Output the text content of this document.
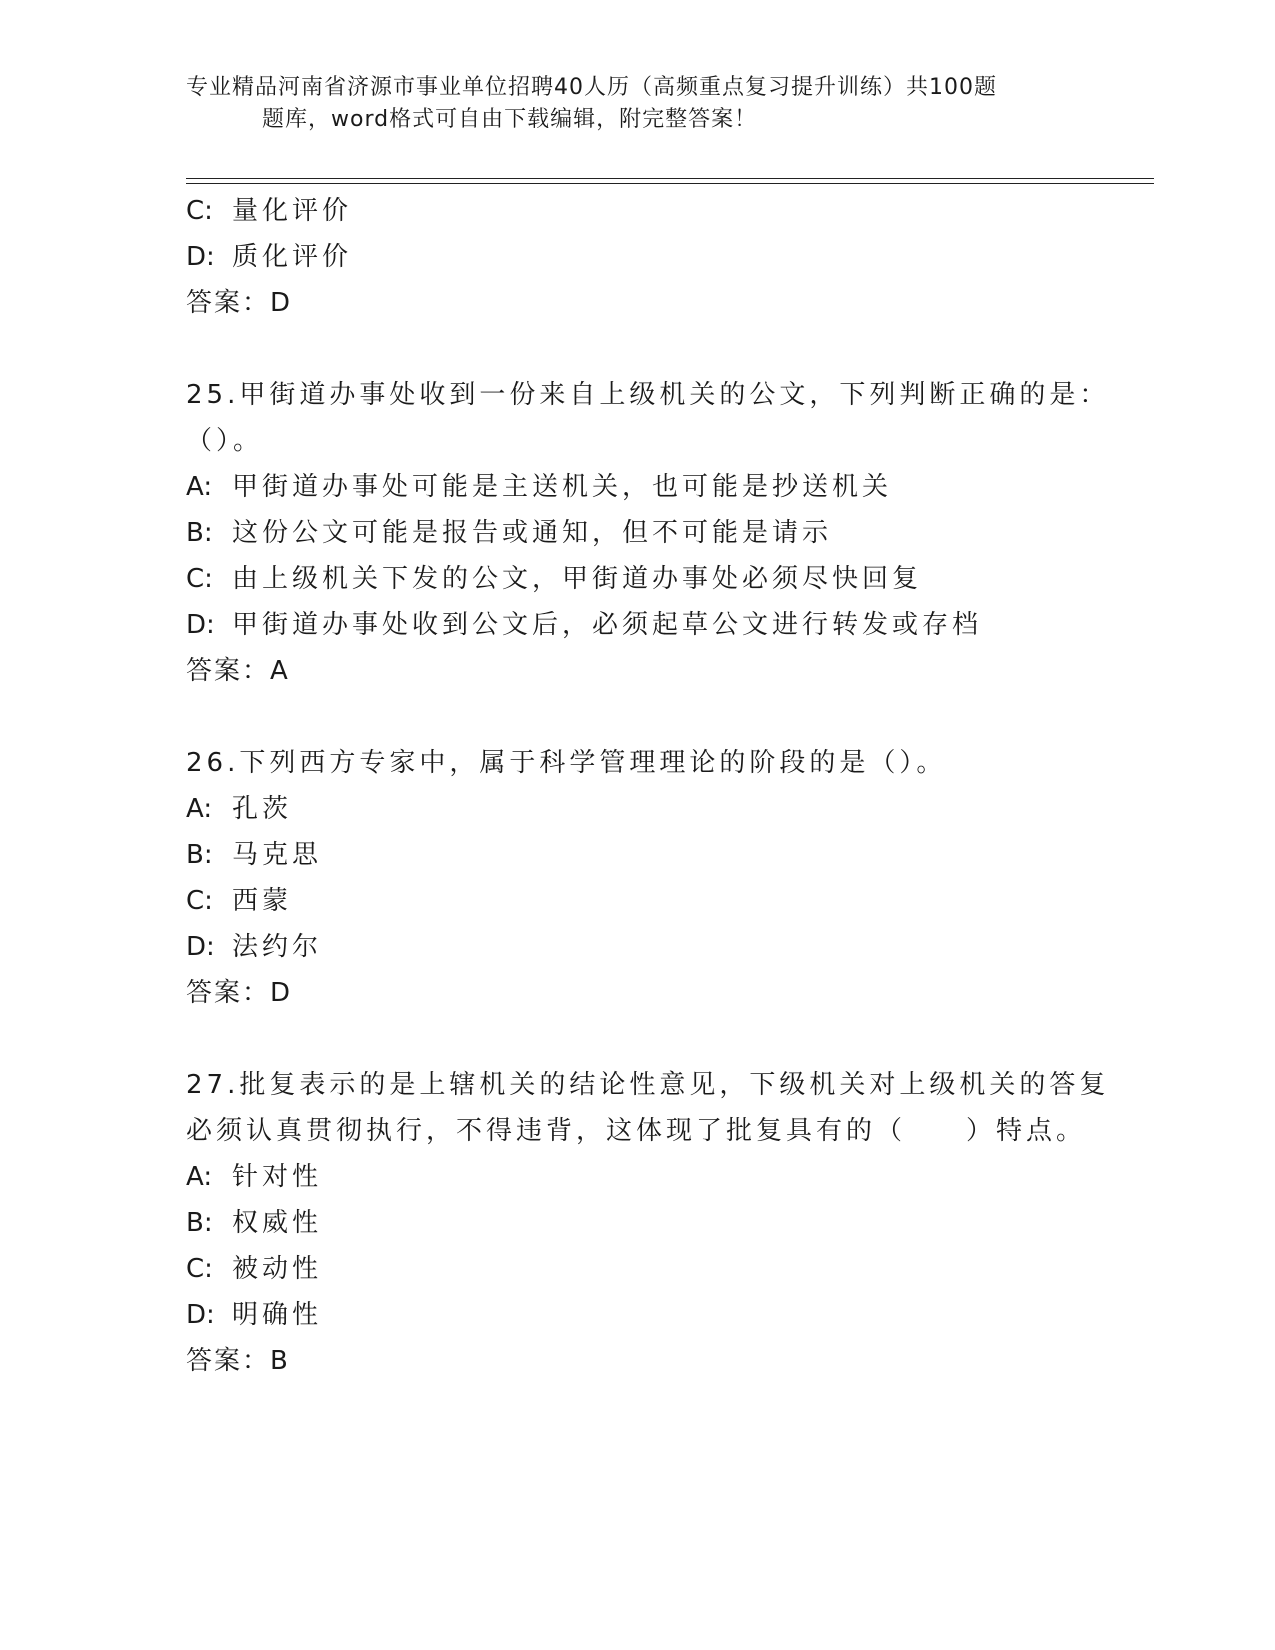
专业精品河南省济源市事业单位招聘40人历（高频重点复习提升训练）共100题
题库，word格式可自由下载编辑，附完整答案！
C: 量化评价
D: 质化评价
答案：D
25.甲街道办事处收到一份来自上级机关的公文，下列判断正确的是：
（）。
A: 甲街道办事处可能是主送机关，也可能是抄送机关
B: 这份公文可能是报告或通知，但不可能是请示
C: 由上级机关下发的公文，甲街道办事处必须尽快回复
D: 甲街道办事处收到公文后，必须起草公文进行转发或存档
答案：A
26.下列西方专家中，属于科学管理理论的阶段的是（）。
A: 孔茨
B: 马克思
C: 西蒙
D: 法约尔
答案：D
27.批复表示的是上辖机关的结论性意见，下级机关对上级机关的答复
必须认真贯彻执行，不得违背，这体现了批复具有的（　　）特点。
A: 针对性
B: 权威性
C: 被动性
D: 明确性
答案：B
